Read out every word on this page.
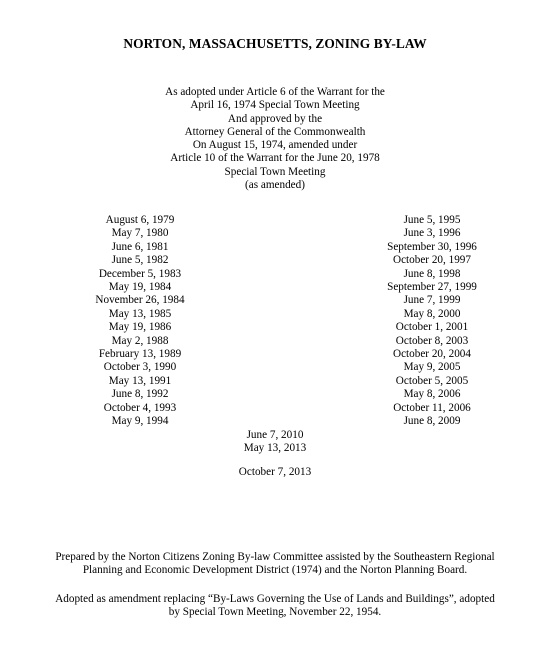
NORTON, MASSACHUSETTS, ZONING BY-LAW
As adopted under Article 6 of the Warrant for the
April 16, 1974 Special Town Meeting
And approved by the
Attorney General of the Commonwealth
On August 15, 1974, amended under
Article 10 of the Warrant for the June 20, 1978
Special Town Meeting
(as amended)
August 6, 1979
May 7, 1980
June 6, 1981
June 5, 1982
December 5, 1983
May 19, 1984
November 26, 1984
May 13, 1985
May 19, 1986
May 2, 1988
February 13, 1989
October 3, 1990
May 13, 1991
June 8, 1992
October 4, 1993
May 9, 1994
June 5, 1995
June 3, 1996
September 30, 1996
October 20, 1997
June 8, 1998
September 27, 1999
June 7, 1999
May 8, 2000
October 1, 2001
October 8, 2003
October 20, 2004
May 9, 2005
October 5, 2005
May 8, 2006
October 11, 2006
June 8, 2009
June 7, 2010
May 13, 2013
October 7, 2013
Prepared by the Norton Citizens Zoning By-law Committee assisted by the Southeastern Regional
Planning and Economic Development District (1974) and the Norton Planning Board.
Adopted as amendment replacing “By-Laws Governing the Use of Lands and Buildings”, adopted
by Special Town Meeting, November 22, 1954.
